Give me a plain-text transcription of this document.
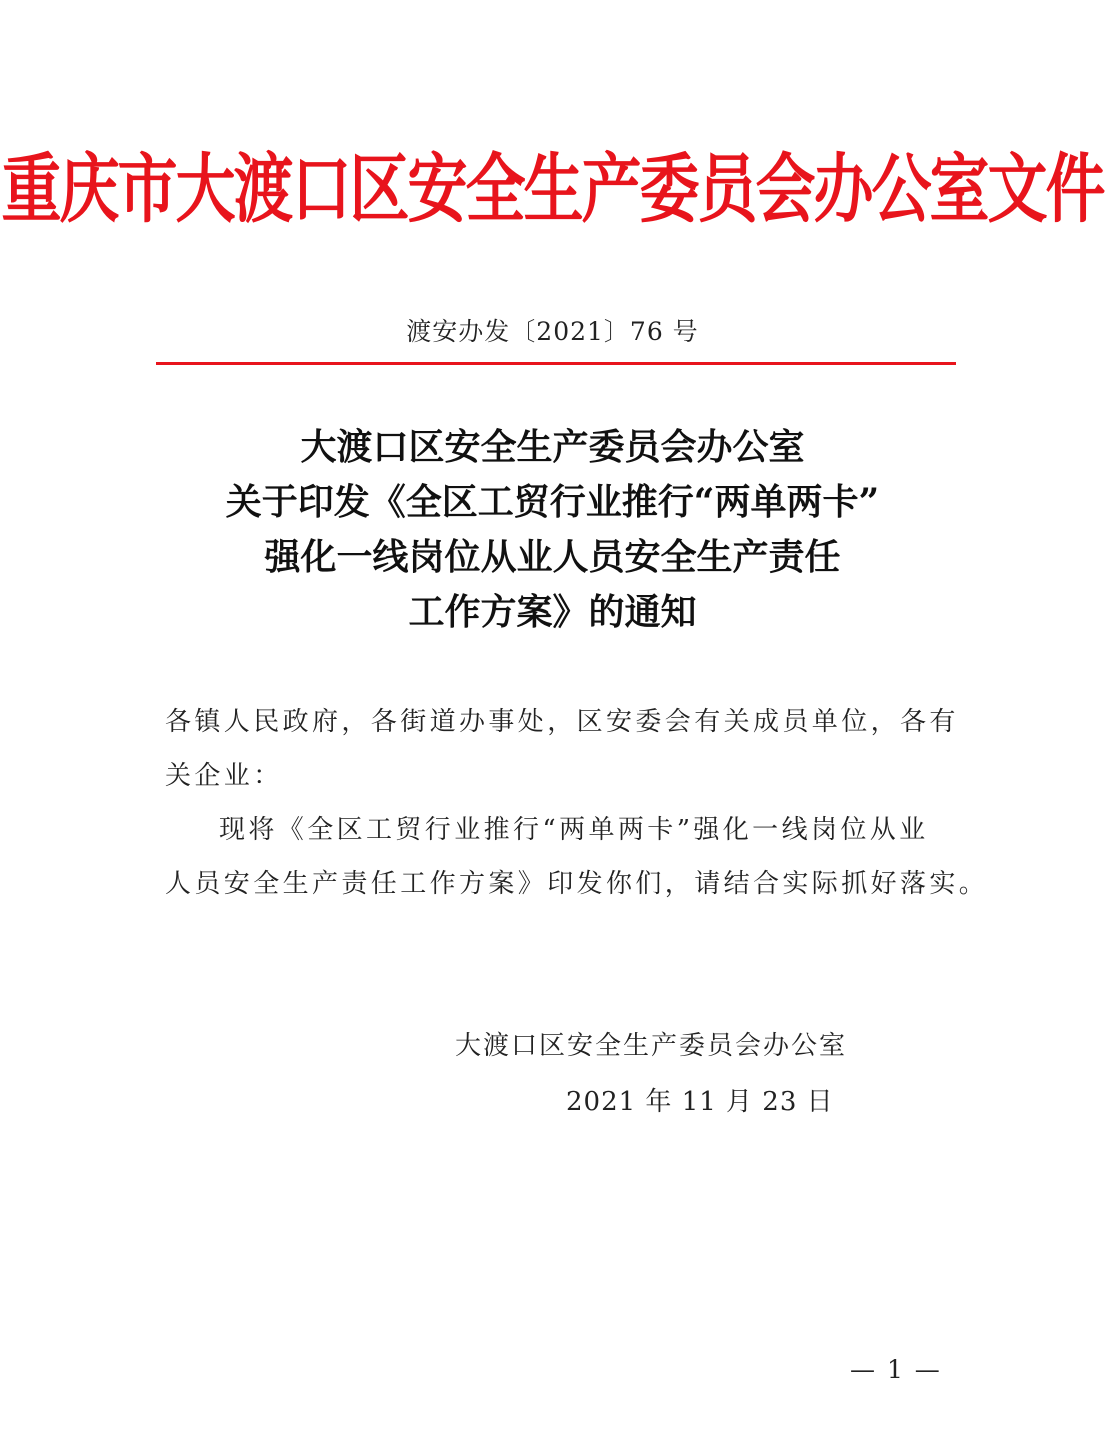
重庆市大渡口区安全生产委员会办公室文件
渡安办发〔2021〕76 号
大渡口区安全生产委员会办公室
关于印发《全区工贸行业推行“两单两卡”
强化一线岗位从业人员安全生产责任
工作方案》的通知
各镇人民政府，各街道办事处，区安委会有关成员单位，各有
关企业：
现将《全区工贸行业推行“两单两卡”强化一线岗位从业
人员安全生产责任工作方案》印发你们，请结合实际抓好落实。
大渡口区安全生产委员会办公室
2021 年 11 月 23 日
— 1 —
